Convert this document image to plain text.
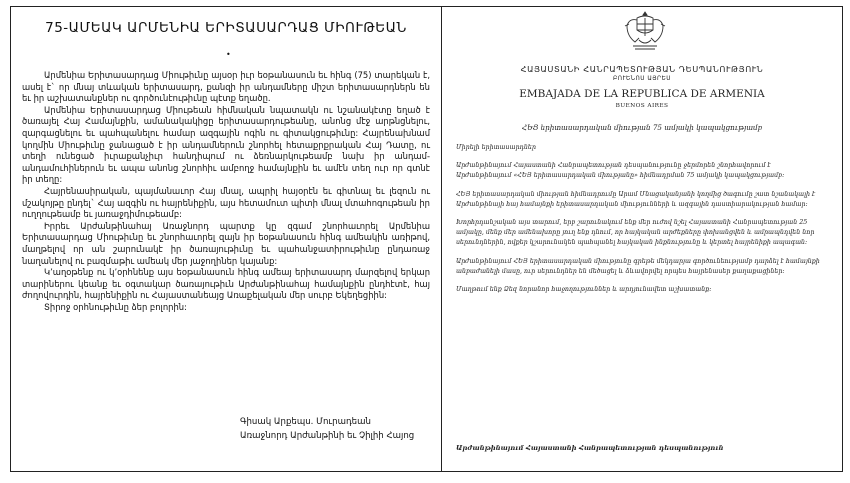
75-ԱՄԵԱԿ ԱՐՄԵՆԻԱ ԵՐԻՏԱՍԱՐԴԱՑ ՄԻՈՒԹԵԱՆ
•

Արմենիա Երիտասարդաց Միութիւնը այսօր իւր եօթանասուն եւ հինգ (75) տարեկան է, ասել է` որ մնայ տևական երիտասարդ, քանզի իր անդամները միշտ երիտասարդներն են եւ իր աշխատանքներ ու գործունէութիւնը պէտք եղածը.

Արմենիա Երիտասարդաց Միութեան հիմնական նպատակն ու նշանակէտը եղած է ծառայել Հայ Համայնքին, ամանակակիցը երիտասարդութեանը, անոնց մէջ արթնցնելու, զարգացնելու եւ պահպանելու համար ազգային ոգին ու գիտակցութիւնը: Հայրենախնամ կողմին Միութիւնը ջանացած է իր անդամներուն շնորհել հետաքրքրական Հայ Դատը, ու տեղի ունեցած իւրաքանչիւր հանդիպում ու ձեռնարկութեամբ նախ իր անդամ-անդամուհիներուն եւ ապա անոնց շնորհիւ ամբողջ համայնքին եւ ամէն տեղ ուր որ գտնէ իր տեղը:

Հայրենասիրական, պայմանաւոր Հայ մնալ, ապրիլ հայօրէն եւ գիտնալ եւ լեզուն ու մշակոյթը ընդել` Հայ ազգին ու հայրենիքին, այս հետամուտ պիտի մնալ մտահոգութեան իր ուղղութեամբ եւ յառաջդիմութեամբ:

Իրրեւ Արժանթինահայ Առաջնորդ պարտք կը զգամ շնորհաւորել Արմենիա Երիտասարդաց Միութիւնը եւ շնորհաւորել զայն իր եօթանասուն հինգ ամեակին առիթով, մաղթելով որ ան շարունակէ իր ծառայութիւնը եւ պահանջատիրութիւնը ընդառաջ նաղանելով ու բազմաթիւ ամեակ մեր յաջողիներ կայանք:

Կ՚աղօթենք ու կ՚օրհնենք այս եօթանասուն հինգ ամեայ երիտասարդ մարզելով երկար տարիներու կեանք եւ օգտակար ծառայութիւն Արժանթինահայ համայնքին ընդհէտէ, հայ ժողովուրդին, հայրենիքին ու Հայաստանեայց Առաքելական մեր սուրբ Եկեղեցիին:

Տիրոջ օրհնութիւնը ձեր բոլորին:

Գիսակ Արքեպս. Մուրադեան
Առաջնորդ Արժանթինի եւ Չիլիի Հայոց
ՀԱՅԱՍՏԱՆԻ ՀԱՆՐԱՊԵՏՈՒԹՅԱՆ ԴԵՍՊԱՆՈՒԹՅՈՒՆ
ԲՈՒԵՆՈՍ ԱՅՐԵՍ
EMBAJADA DE LA REPUBLICA DE ARMENIA
BUENOS AIRES
ՀԵՅ երիտասարդական միության 75 ամյակի կապակցությամբ

Միրելի երիտասարդներ

Արժանթինայում Հայաստանի Հանրապետության դեսպանությունը ջերմորեն շնորհավորում է Արժանթինայում «ՀԵՅ երիտասարդական միությանը» հիմնադրման 75 ամյակի կապակցությամբ:

ՀԵՅ երիտասարդական միության հիմնադրումը Արամ Մնացականյանի կողմից ծագումը շատ նշանակալի է Արժանթինայի հայ համայնքի երիտասարդական միությունների և ազգային դաստիարակության համար:

Խորհրդանշական այս տարում, երբ շարունակում ենք մեր ուժով նշել Հայաստանի Հանրապետության 25 ամյակը, մենք մեր ամենախորը յուղ ենք դնում, որ հայկական արժեքները փոխանցվեն և ամրապնդվեն նոր սերունդներին, ովքեր կշարունակեն պահպանել հայկական ինքնությունը և կերտել հայրենիքի ապագան:

Արժանթինայում ՀԵՅ երիտասարդական միությունը գրեթե մեկդարյա գործունեությամբ դարձել է համայնքի անբաժանելի մասը, ուր սերունդներ են մեծացել և ձևավորվել որպես հայրենասեր քաղաքացիներ:

Մաղթում ենք Ձեզ նորանոր հաջողություններ և արդյունավետ աշխատանք:

Արժանթինայում Հայաստանի Հանրապետության դեսպանություն
